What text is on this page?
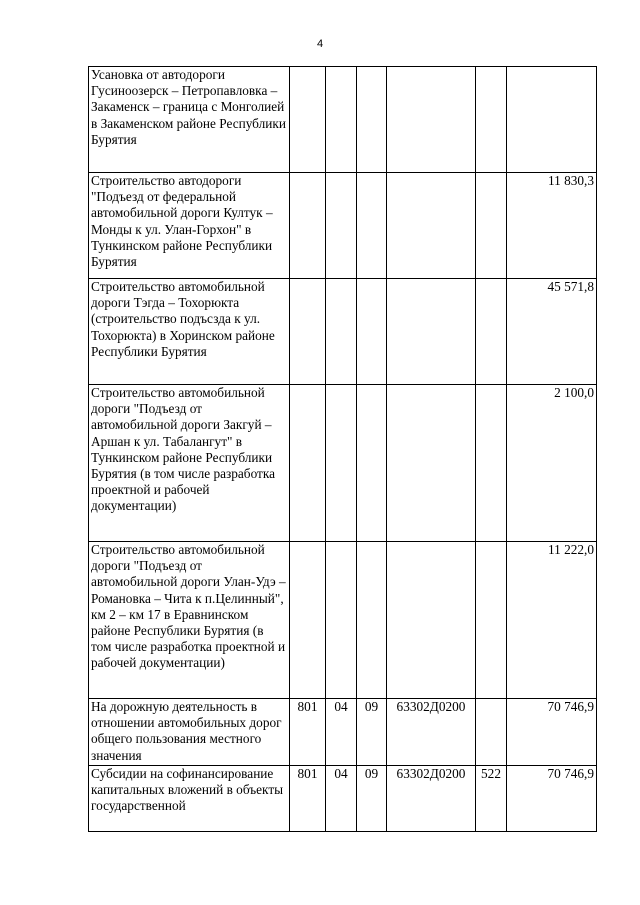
4
Усановка от автодороги Гусиноозерск – Петропавловка – Закаменск – граница с Монголией в Закаменском районе Республики Бурятия						
Строительство автодороги "Подъезд от федеральной автомобильной дороги Култук – Монды к ул. Улан-Горхон" в Тункинском районе Республики Бурятия						11 830,3
Строительство автомобильной дороги Тэгда – Тохорюкта (строительство подъсзда к ул. Тохорюкта) в Хоринском районе Республики Бурятия						45 571,8
Строительство автомобильной дороги "Подъезд от автомобильной дороги Закгуй – Аршан к ул. Табалангут" в Тункинском районе Республики Бурятия (в том числе разработка проектной и рабочей документации)						2 100,0
Строительство автомобильной дороги "Подъезд от автомобильной дороги Улан-Удэ – Романовка – Чита к п.Целинный", км 2 – км 17 в Еравнинском районе Республики Бурятия (в том числе разработка проектной и рабочей документации)						11 222,0
На дорожную деятельность в отношении автомобильных дорог общего пользования местного значения	801	04	09	63302Д0200		70 746,9
Субсидии на софинансирование капитальных вложений в объекты государственной	801	04	09	63302Д0200	522	70 746,9
